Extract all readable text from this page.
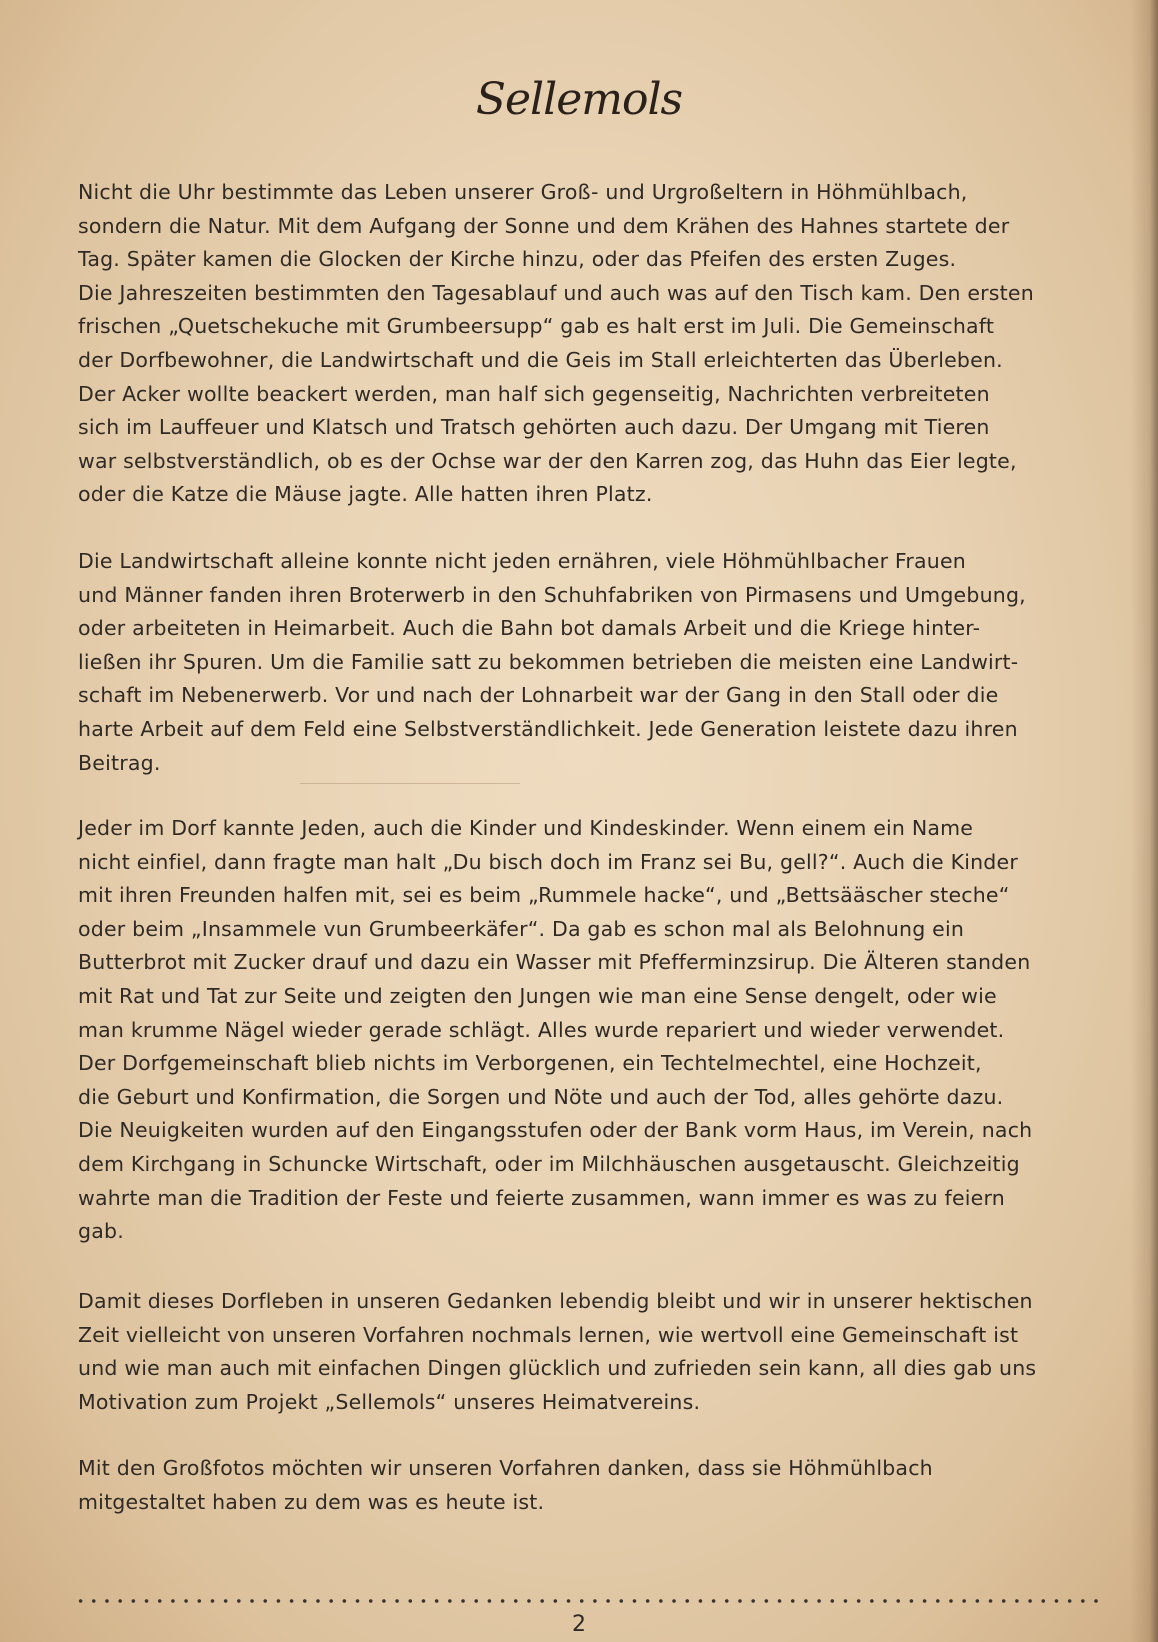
Sellemols
Nicht die Uhr bestimmte das Leben unserer Groß- und Urgroßeltern in Höhmühlbach,
sondern die Natur. Mit dem Aufgang der Sonne und dem Krähen des Hahnes startete der
Tag. Später kamen die Glocken der Kirche hinzu, oder das Pfeifen des ersten Zuges.
Die Jahreszeiten bestimmten den Tagesablauf und auch was auf den Tisch kam. Den ersten
frischen „Quetschekuche mit Grumbeersupp“ gab es halt erst im Juli. Die Gemeinschaft
der Dorfbewohner, die Landwirtschaft und die Geis im Stall erleichterten das Überleben.
Der Acker wollte beackert werden, man half sich gegenseitig, Nachrichten verbreiteten
sich im Lauffeuer und Klatsch und Tratsch gehörten auch dazu. Der Umgang mit Tieren
war selbstverständlich, ob es der Ochse war der den Karren zog, das Huhn das Eier legte,
oder die Katze die Mäuse jagte. Alle hatten ihren Platz.
Die Landwirtschaft alleine konnte nicht jeden ernähren, viele Höhmühlbacher Frauen
und Männer fanden ihren Broterwerb in den Schuhfabriken von Pirmasens und Umgebung,
oder arbeiteten in Heimarbeit. Auch die Bahn bot damals Arbeit und die Kriege hinter-
ließen ihr Spuren. Um die Familie satt zu bekommen betrieben die meisten eine Landwirt-
schaft im Nebenerwerb. Vor und nach der Lohnarbeit war der Gang in den Stall oder die
harte Arbeit auf dem Feld eine Selbstverständlichkeit. Jede Generation leistete dazu ihren
Beitrag.
Jeder im Dorf kannte Jeden, auch die Kinder und Kindeskinder. Wenn einem ein Name
nicht einfiel, dann fragte man halt „Du bisch doch im Franz sei Bu, gell?“. Auch die Kinder
mit ihren Freunden halfen mit, sei es beim „Rummele hacke“, und „Bettsääscher steche“
oder beim „Insammele vun Grumbeerkäfer“. Da gab es schon mal als Belohnung ein
Butterbrot mit Zucker drauf und dazu ein Wasser mit Pfefferminzsirup. Die Älteren standen
mit Rat und Tat zur Seite und zeigten den Jungen wie man eine Sense dengelt, oder wie
man krumme Nägel wieder gerade schlägt. Alles wurde repariert und wieder verwendet.
Der Dorfgemeinschaft blieb nichts im Verborgenen, ein Techtelmechtel, eine Hochzeit,
die Geburt und Konfirmation, die Sorgen und Nöte und auch der Tod, alles gehörte dazu.
Die Neuigkeiten wurden auf den Eingangsstufen oder der Bank vorm Haus, im Verein, nach
dem Kirchgang in Schuncke Wirtschaft, oder im Milchhäuschen ausgetauscht. Gleichzeitig
wahrte man die Tradition der Feste und feierte zusammen, wann immer es was zu feiern
gab.
Damit dieses Dorfleben in unseren Gedanken lebendig bleibt und wir in unserer hektischen
Zeit vielleicht von unseren Vorfahren nochmals lernen, wie wertvoll eine Gemeinschaft ist
und wie man auch mit einfachen Dingen glücklich und zufrieden sein kann, all dies gab uns
Motivation zum Projekt „Sellemols“ unseres Heimatvereins.
Mit den Großfotos möchten wir unseren Vorfahren danken, dass sie Höhmühlbach
mitgestaltet haben zu dem was es heute ist.
2
